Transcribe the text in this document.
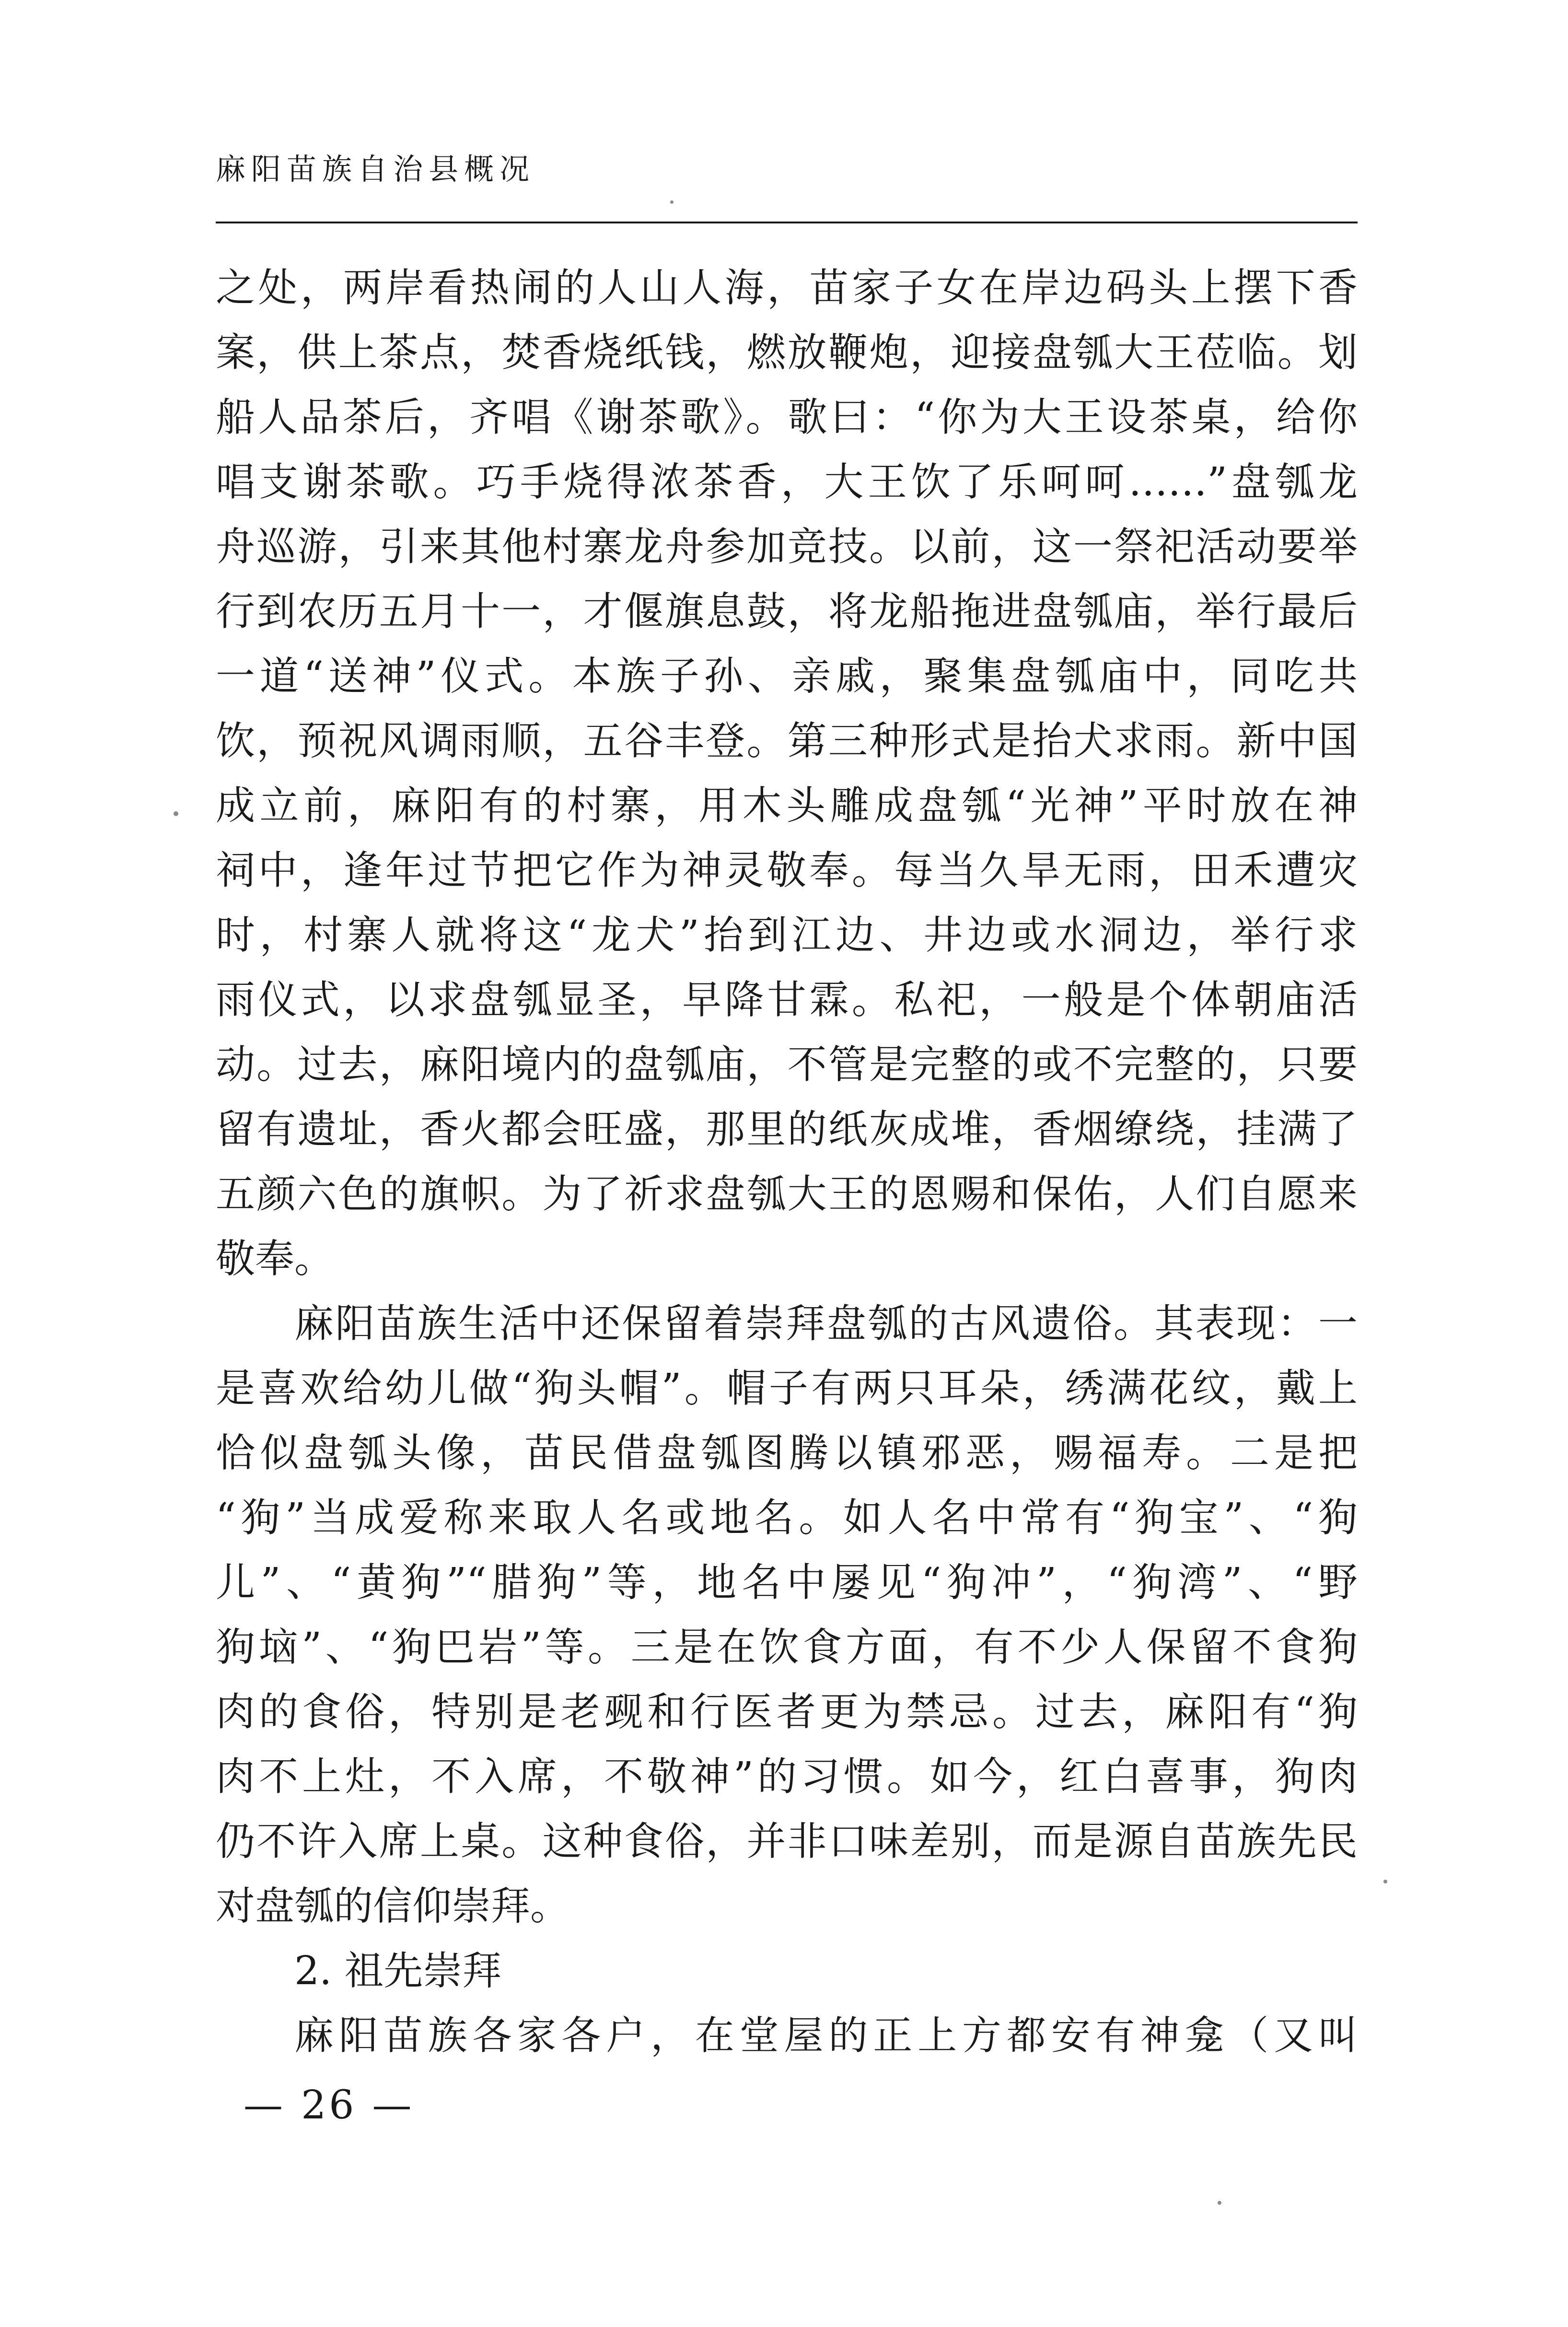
麻阳苗族自治县概况
之处，两岸看热闹的人山人海，苗家子女在岸边码头上摆下香
案，供上茶点，焚香烧纸钱，燃放鞭炮，迎接盘瓠大王莅临。划
船人品茶后，齐唱《谢茶歌》。歌曰：“你为大王设茶桌，给你
唱支谢茶歌。巧手烧得浓茶香，大王饮了乐呵呵……”盘瓠龙
舟巡游，引来其他村寨龙舟参加竞技。以前，这一祭祀活动要举
行到农历五月十一，才偃旗息鼓，将龙船拖进盘瓠庙，举行最后
一道“送神”仪式。本族子孙、亲戚，聚集盘瓠庙中，同吃共
饮，预祝风调雨顺，五谷丰登。第三种形式是抬犬求雨。新中国
成立前，麻阳有的村寨，用木头雕成盘瓠“光神”平时放在神
祠中，逢年过节把它作为神灵敬奉。每当久旱无雨，田禾遭灾
时，村寨人就将这“龙犬”抬到江边、井边或水洞边，举行求
雨仪式，以求盘瓠显圣，早降甘霖。私祀，一般是个体朝庙活
动。过去，麻阳境内的盘瓠庙，不管是完整的或不完整的，只要
留有遗址，香火都会旺盛，那里的纸灰成堆，香烟缭绕，挂满了
五颜六色的旗帜。为了祈求盘瓠大王的恩赐和保佑，人们自愿来
敬奉。
麻阳苗族生活中还保留着崇拜盘瓠的古风遗俗。其表现：一
是喜欢给幼儿做“狗头帽”。帽子有两只耳朵，绣满花纹，戴上
恰似盘瓠头像，苗民借盘瓠图腾以镇邪恶，赐福寿。二是把
“狗”当成爱称来取人名或地名。如人名中常有“狗宝”、“狗
儿”、“黄狗”“腊狗”等，地名中屡见“狗冲”，“狗湾”、“野
狗垴”、“狗巴岩”等。三是在饮食方面，有不少人保留不食狗
肉的食俗，特别是老觋和行医者更为禁忌。过去，麻阳有“狗
肉不上灶，不入席，不敬神”的习惯。如今，红白喜事，狗肉
仍不许入席上桌。这种食俗，并非口味差别，而是源自苗族先民
对盘瓠的信仰崇拜。
2. 祖先崇拜
麻阳苗族各家各户，在堂屋的正上方都安有神龛（又叫
— 26 —
